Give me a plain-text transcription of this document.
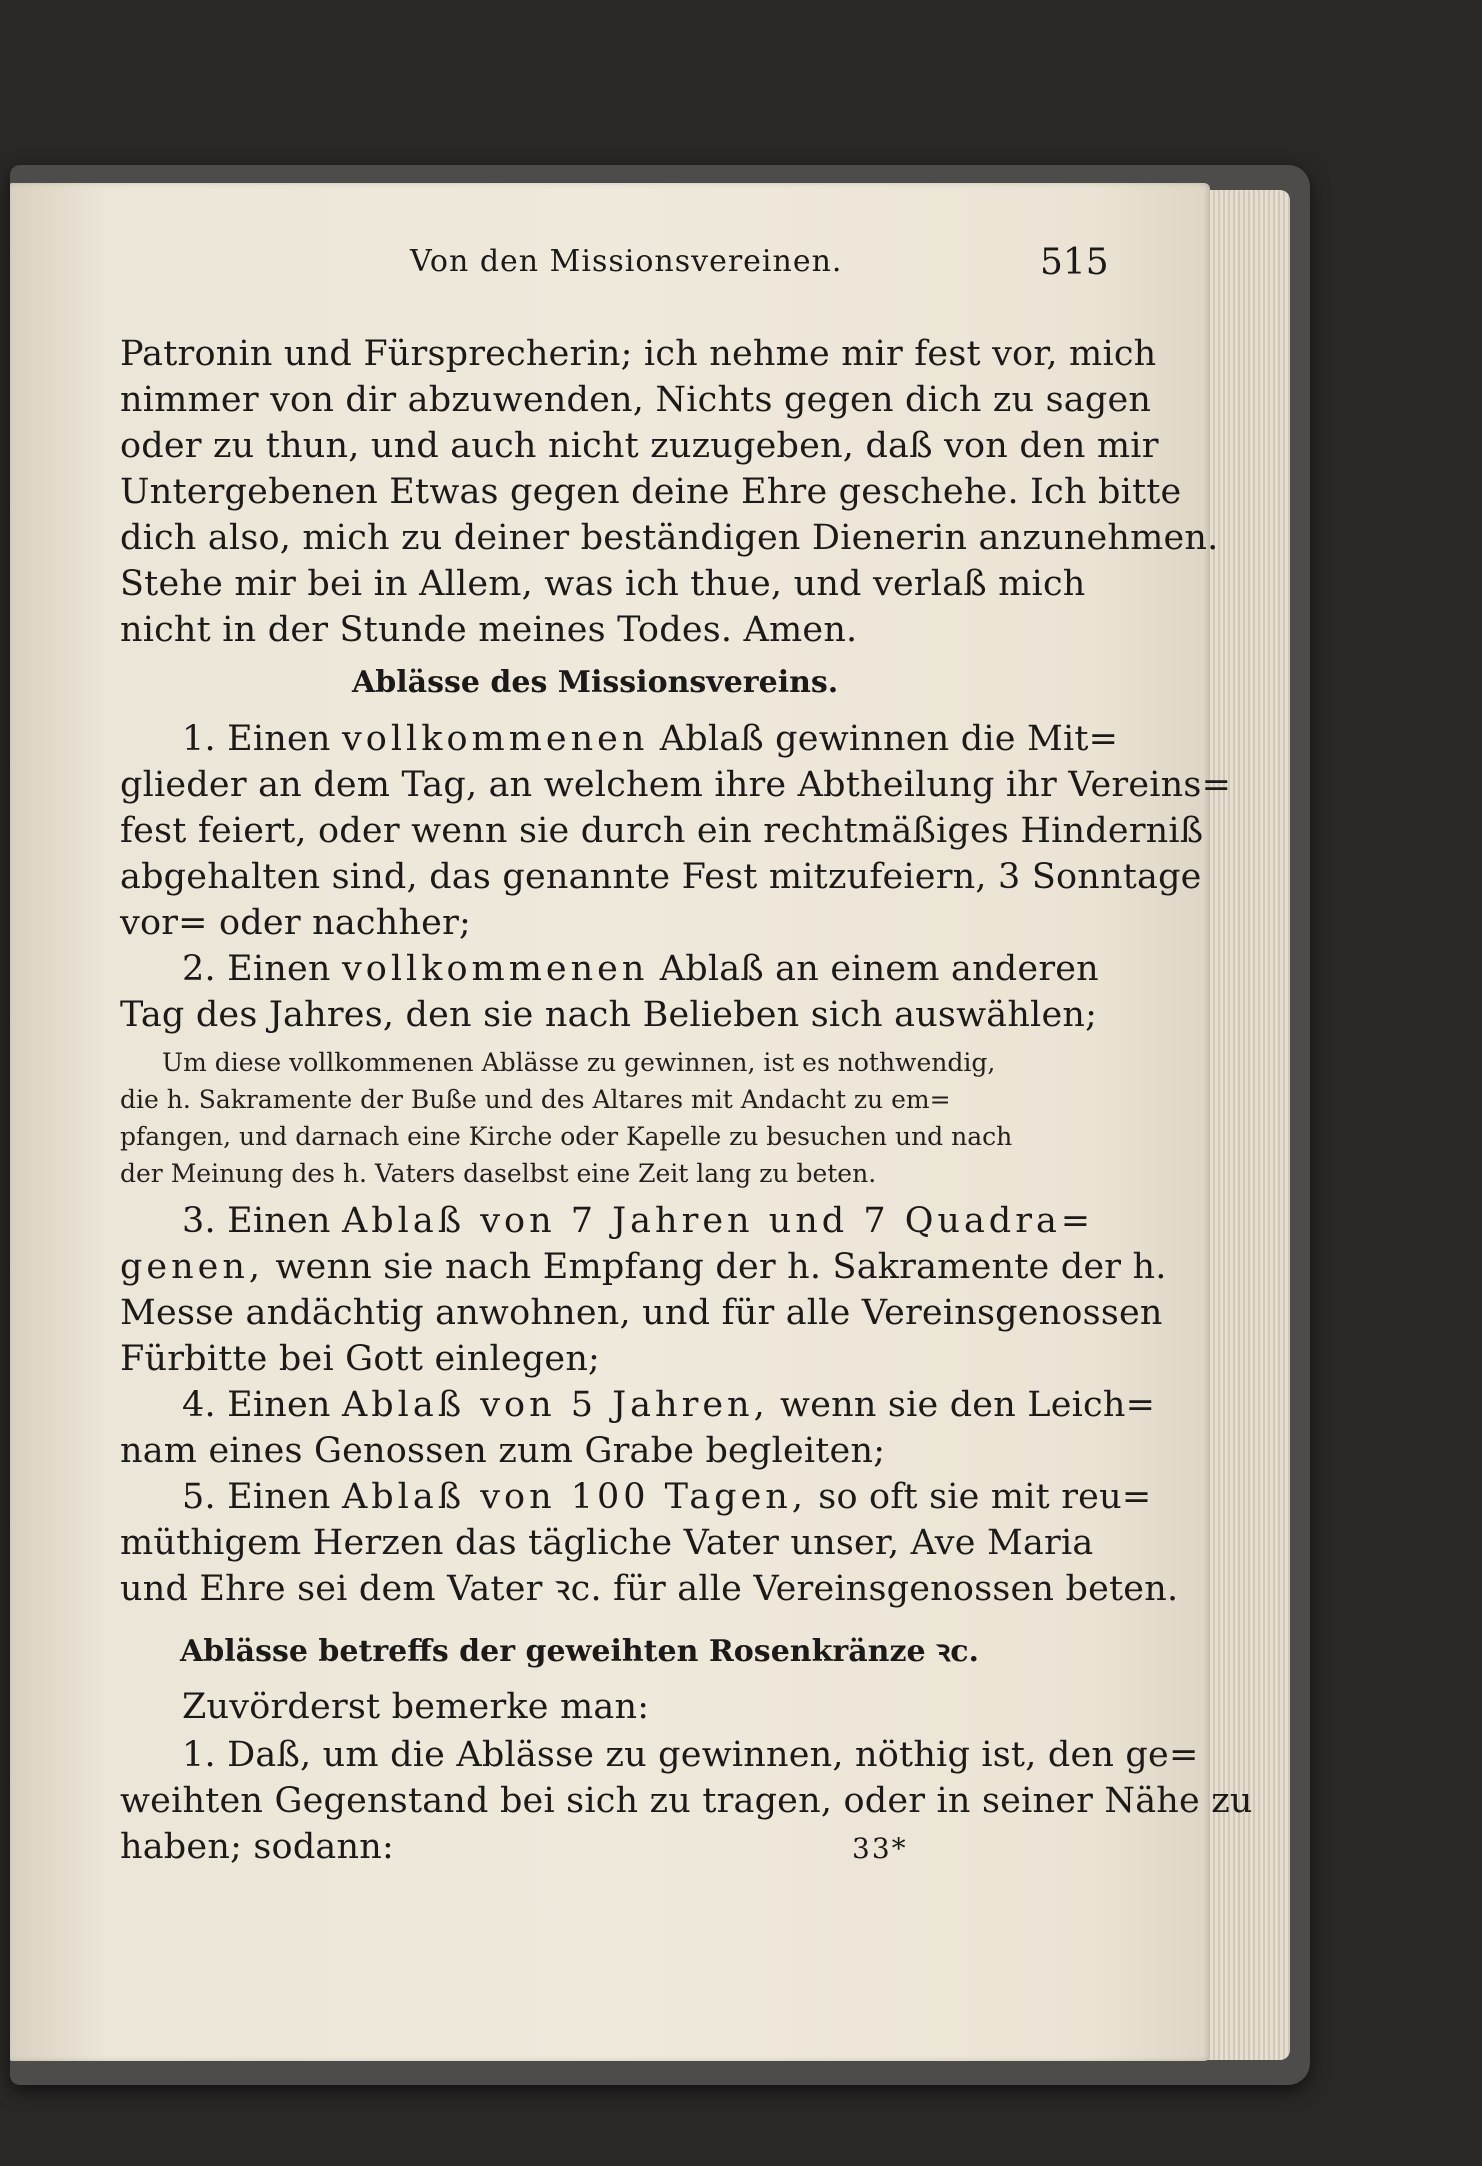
Von den Missionsvereinen.	515
Patronin und Fürsprecherin; ich nehme mir fest vor, mich
nimmer von dir abzuwenden, Nichts gegen dich zu sagen
oder zu thun, und auch nicht zuzugeben, daß von den mir
Untergebenen Etwas gegen deine Ehre geschehe. Ich bitte
dich also, mich zu deiner beständigen Dienerin anzunehmen.
Stehe mir bei in Allem, was ich thue, und verlaß mich
nicht in der Stunde meines Todes. Amen.
Ablässe des Missionsvereins.
1. Einen vollkommenen Ablaß gewinnen die Mit=
glieder an dem Tag, an welchem ihre Abtheilung ihr Vereins=
fest feiert, oder wenn sie durch ein rechtmäßiges Hinderniß
abgehalten sind, das genannte Fest mitzufeiern, 3 Sonntage
vor= oder nachher;
2. Einen vollkommenen Ablaß an einem anderen
Tag des Jahres, den sie nach Belieben sich auswählen;
Um diese vollkommenen Ablässe zu gewinnen, ist es nothwendig,
die h. Sakramente der Buße und des Altares mit Andacht zu em=
pfangen, und darnach eine Kirche oder Kapelle zu besuchen und nach
der Meinung des h. Vaters daselbst eine Zeit lang zu beten.
3. Einen Ablaß von 7 Jahren und 7 Quadra=
genen, wenn sie nach Empfang der h. Sakramente der h.
Messe andächtig anwohnen, und für alle Vereinsgenossen
Fürbitte bei Gott einlegen;
4. Einen Ablaß von 5 Jahren, wenn sie den Leich=
nam eines Genossen zum Grabe begleiten;
5. Einen Ablaß von 100 Tagen, so oft sie mit reu=
müthigem Herzen das tägliche Vater unser, Ave Maria
und Ehre sei dem Vater ꝛc. für alle Vereinsgenossen beten.
Ablässe betreffs der geweihten Rosenkränze ꝛc.
Zuvörderst bemerke man:
1. Daß, um die Ablässe zu gewinnen, nöthig ist, den ge=
weihten Gegenstand bei sich zu tragen, oder in seiner Nähe zu
haben; sodann:	33*
